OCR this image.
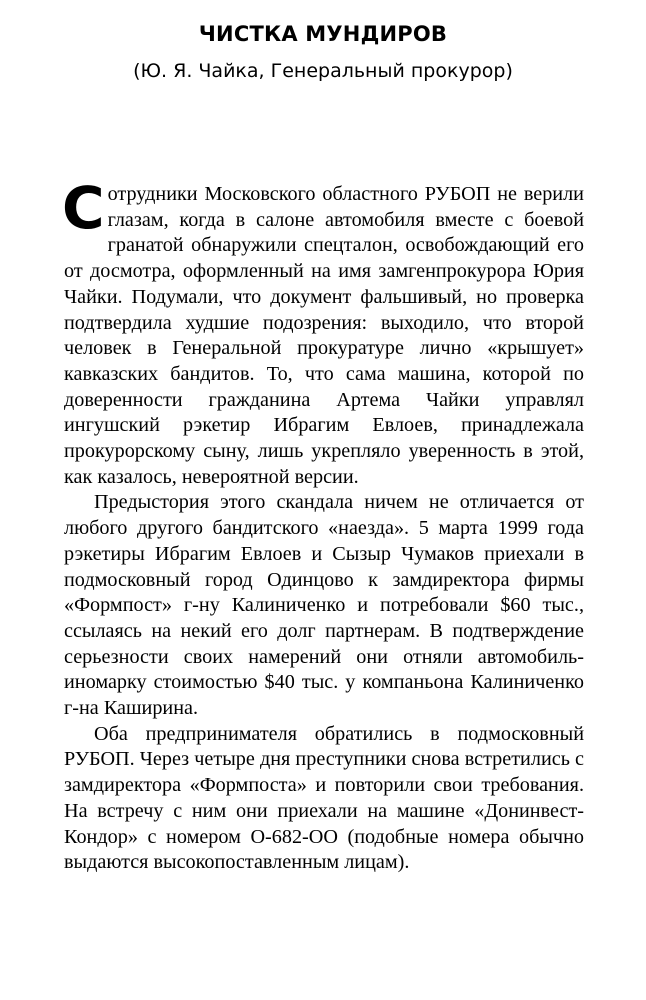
ЧИСТКА МУНДИРОВ
(Ю. Я. Чайка, Генеральный прокурор)

Сотрудники Московского областного РУБОП не верили глазам, когда в салоне автомобиля вместе с боевой гранатой обнаружили спецталон, освобождающий его от досмотра, оформленный на имя замгенпрокурора Юрия Чайки. Подумали, что документ фальшивый, но проверка подтвердила худшие подозрения: выходило, что второй человек в Генеральной прокуратуре лично «крышует» кавказских бандитов. То, что сама машина, которой по доверенности гражданина Артема Чайки управлял ингушский рэкетир Ибрагим Евлоев, принадлежала прокурорскому сыну, лишь укрепляло уверенность в этой, как казалось, невероятной версии.

Предыстория этого скандала ничем не отличается от любого другого бандитского «наезда». 5 марта 1999 года рэкетиры Ибрагим Евлоев и Сызыр Чумаков приехали в подмосковный город Одинцово к замдиректора фирмы «Формпост» г-ну Калиниченко и потребовали $60 тыс., ссылаясь на некий его долг партнерам. В подтверждение серьезности своих намерений они отняли автомобиль-иномарку стоимостью $40 тыс. у компаньона Калиниченко г-на Каширина.

Оба предпринимателя обратились в подмосковный РУБОП. Через четыре дня преступники снова встретились с замдиректора «Формпоста» и повторили свои требования. На встречу с ним они приехали на машине «Донинвест-Кондор» с номером О-682-ОО (подобные номера обычно выдаются высокопоставленным лицам).
